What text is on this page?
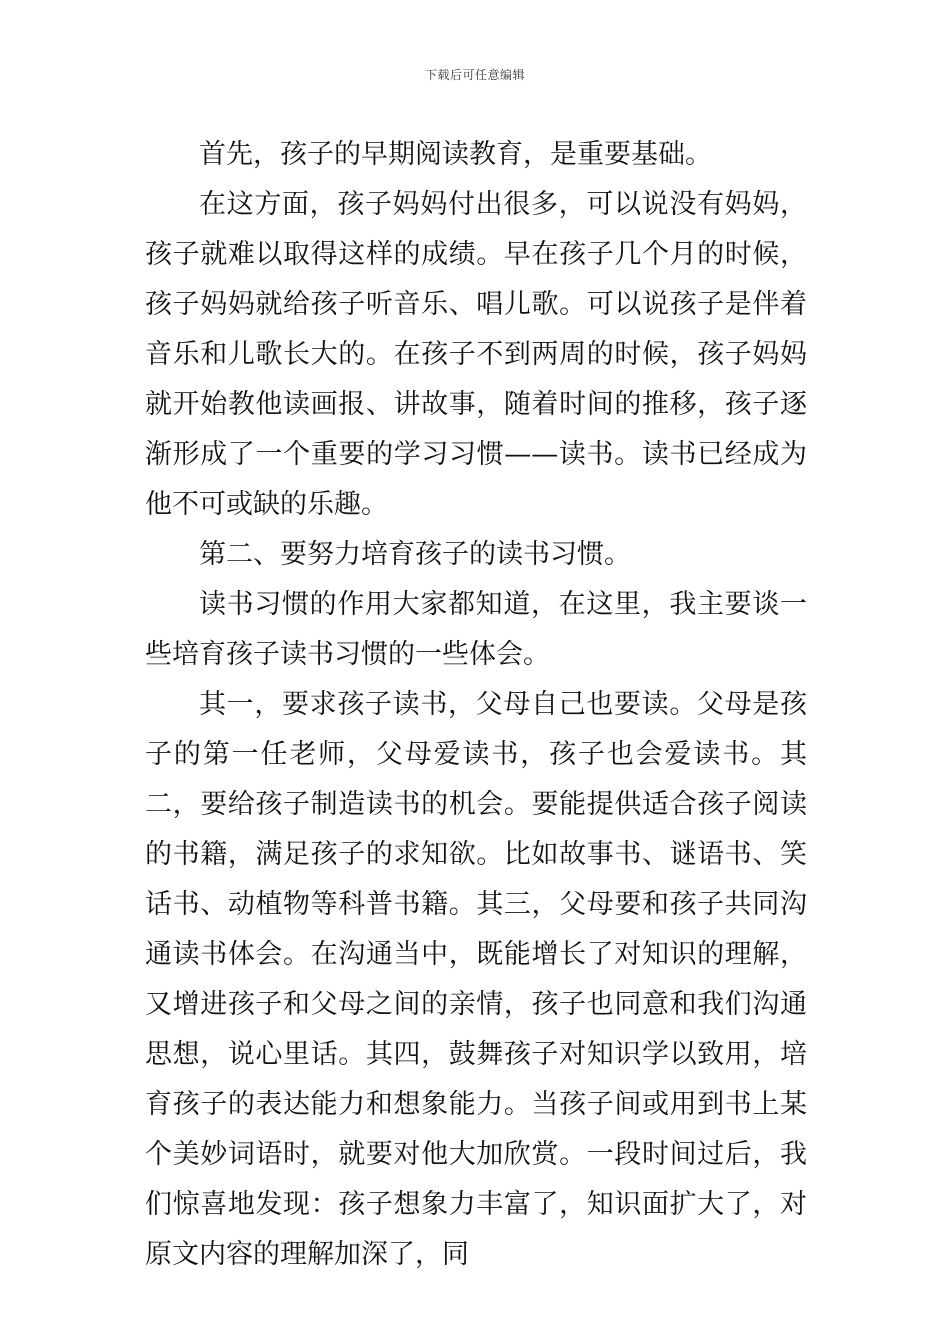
下载后可任意编辑

首先，孩子的早期阅读教育，是重要基础。

在这方面，孩子妈妈付出很多，可以说没有妈妈，孩子就难以取得这样的成绩。早在孩子几个月的时候，孩子妈妈就给孩子听音乐、唱儿歌。可以说孩子是伴着音乐和儿歌长大的。在孩子不到两周的时候，孩子妈妈就开始教他读画报、讲故事，随着时间的推移，孩子逐渐形成了一个重要的学习习惯——读书。读书已经成为他不可或缺的乐趣。

第二、要努力培育孩子的读书习惯。

读书习惯的作用大家都知道，在这里，我主要谈一些培育孩子读书习惯的一些体会。

其一，要求孩子读书，父母自己也要读。父母是孩子的第一任老师，父母爱读书，孩子也会爱读书。其二，要给孩子制造读书的机会。要能提供适合孩子阅读的书籍，满足孩子的求知欲。比如故事书、谜语书、笑话书、动植物等科普书籍。其三，父母要和孩子共同沟通读书体会。在沟通当中，既能增长了对知识的理解，又增进孩子和父母之间的亲情，孩子也同意和我们沟通思想，说心里话。其四，鼓舞孩子对知识学以致用，培育孩子的表达能力和想象能力。当孩子间或用到书上某个美妙词语时，就要对他大加欣赏。一段时间过后，我们惊喜地发现：孩子想象力丰富了，知识面扩大了，对原文内容的理解加深了，同
